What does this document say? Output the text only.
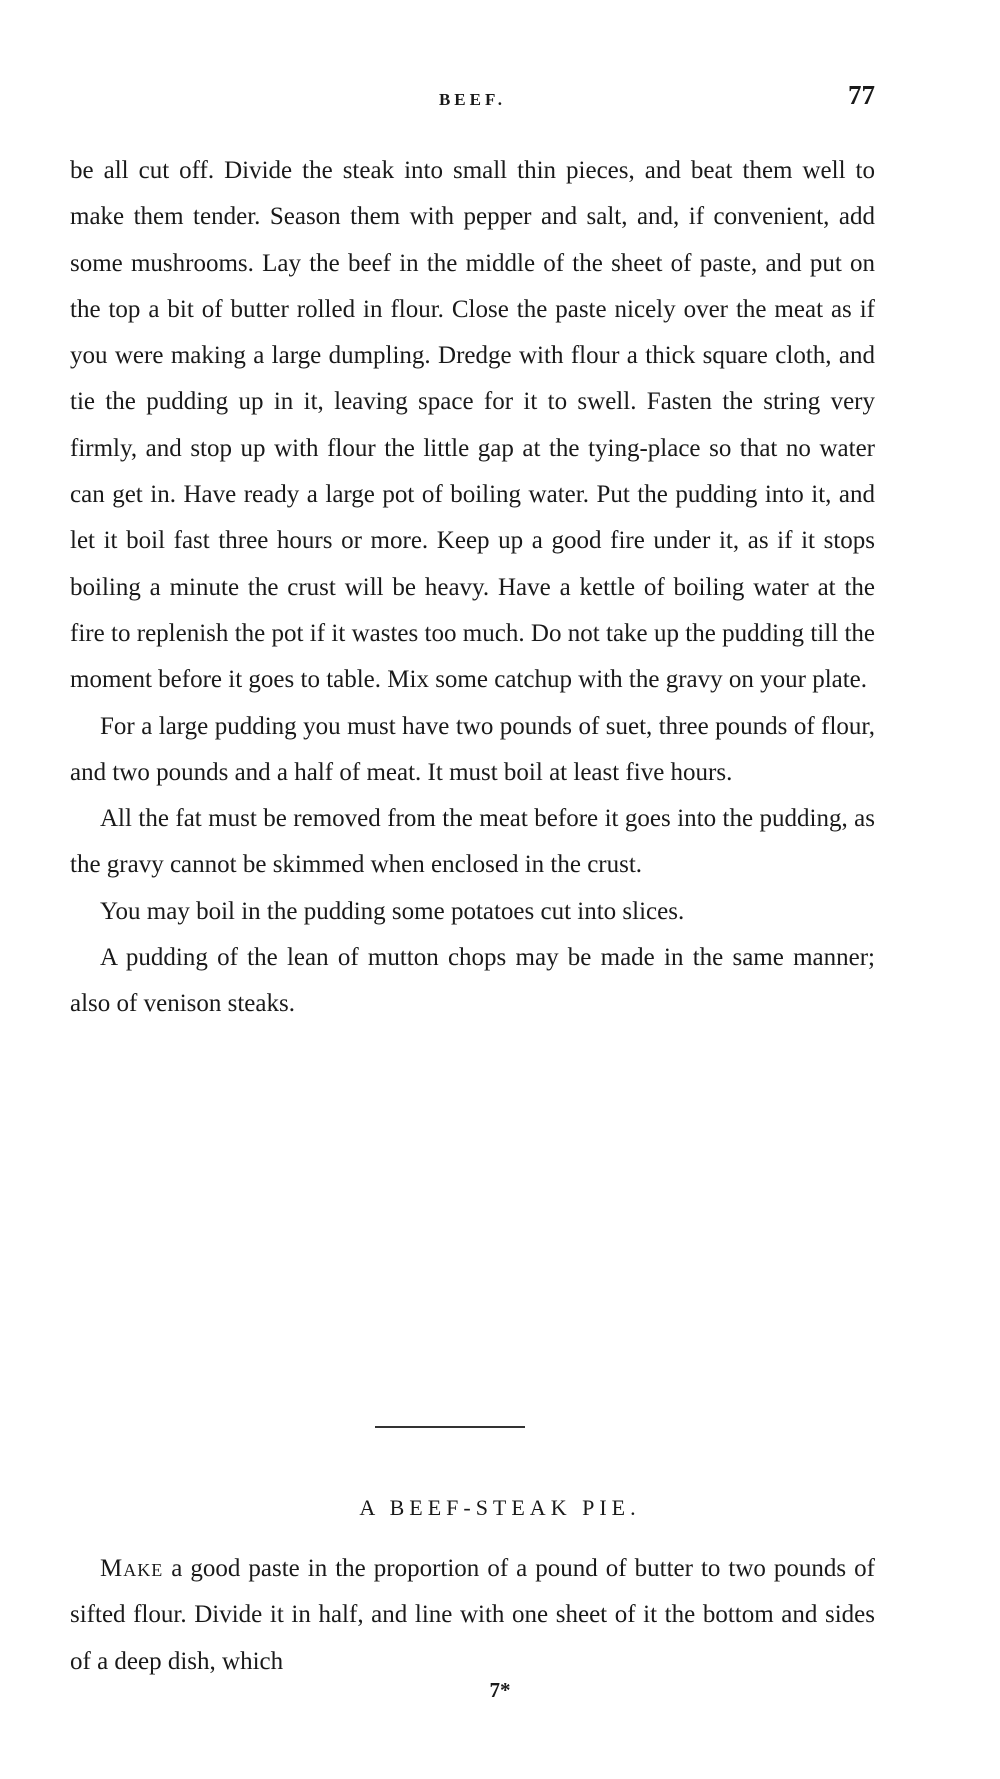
BEEF.	77

be all cut off. Divide the steak into small thin pieces, and beat them well to make them tender. Season them with pepper and salt, and, if convenient, add some mushrooms. Lay the beef in the middle of the sheet of paste, and put on the top a bit of butter rolled in flour. Close the paste nicely over the meat as if you were making a large dumpling. Dredge with flour a thick square cloth, and tie the pudding up in it, leaving space for it to swell. Fasten the string very firmly, and stop up with flour the little gap at the tying-place so that no water can get in. Have ready a large pot of boiling water. Put the pudding into it, and let it boil fast three hours or more. Keep up a good fire under it, as if it stops boiling a minute the crust will be heavy. Have a kettle of boiling water at the fire to replenish the pot if it wastes too much. Do not take up the pudding till the moment before it goes to table. Mix some catchup with the gravy on your plate.

For a large pudding you must have two pounds of suet, three pounds of flour, and two pounds and a half of meat. It must boil at least five hours.

All the fat must be removed from the meat before it goes into the pudding, as the gravy cannot be skimmed when enclosed in the crust.

You may boil in the pudding some potatoes cut into slices.

A pudding of the lean of mutton chops may be made in the same manner; also of venison steaks.

A BEEF-STEAK PIE.

Make a good paste in the proportion of a pound of butter to two pounds of sifted flour. Divide it in half, and line with one sheet of it the bottom and sides of a deep dish, which

7*
